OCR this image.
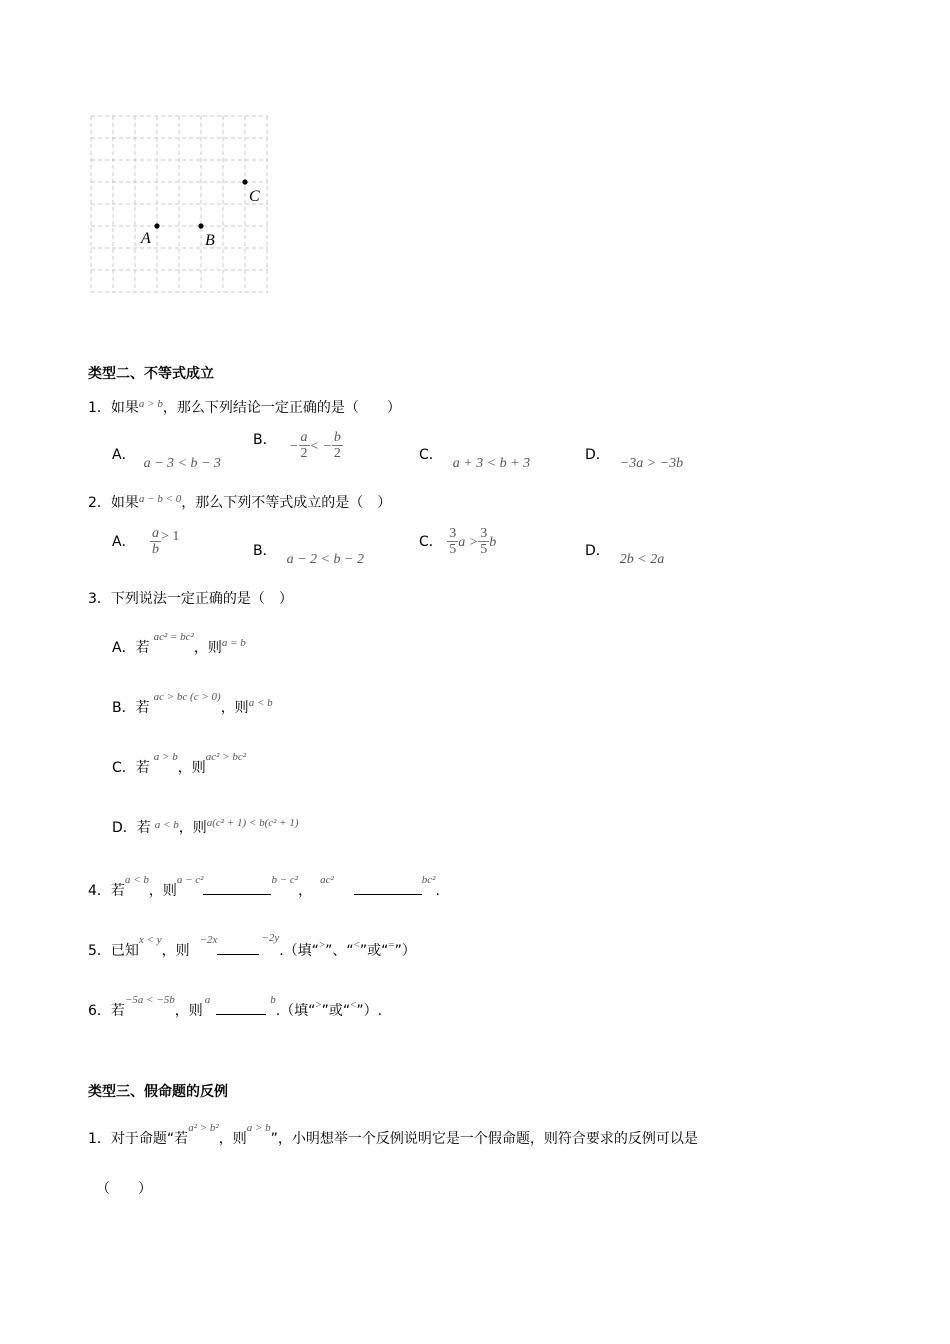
A	B
C
类型二、不等式成立
1．如果$^{a > b}$，那么下列结论一定正确的是（　　）
A．a − 3 < b − 3
B． − $\frac{a}{2}$ < − $\frac{b}{2}$	C．a + 3 < b + 3
D．−3a > −3b
2．如果$^{a - b < 0}$，那么下列不等式成立的是（　）
A． $\frac{a}{b} > 1$
B．a − 2 < b − 2
C． $\frac{3}{5}$ $a > \frac{3}{5}$ b
D．2b < 2a
3．下列说法一定正确的是（　）
A．若$^{ac^2 = bc^2}$，则$^{a = b}$
B．若$^{ac > bc (c > 0)}$，则$^{a < b}$
C．若$^{a > b}$，则$^{ac^2 > bc^2}$
D．若 $^{a < b}$，则$^{a(c^2 + 1) < b(c^2 + 1)}$
4．若$^{a < b}$，则$^{a - c^2}$	$^{b - c^2}$，$^{ac^2}$	$^{bc^2}$.
5．已知$^{x < y}$，则$^{-2x}$	$^{-2y}$.（填“>”、“<”或“=”）
6．若$^{-5a < -5b}$，则$^a$	$^b$.（填“>”或“<”）.
类型三、假命题的反例
1．对于命题“若$^{a^2 > b^2}$，则$^{a > b}$”，小明想举一个反例说明它是一个假命题，则符合要求的反例可以是
（　　）
